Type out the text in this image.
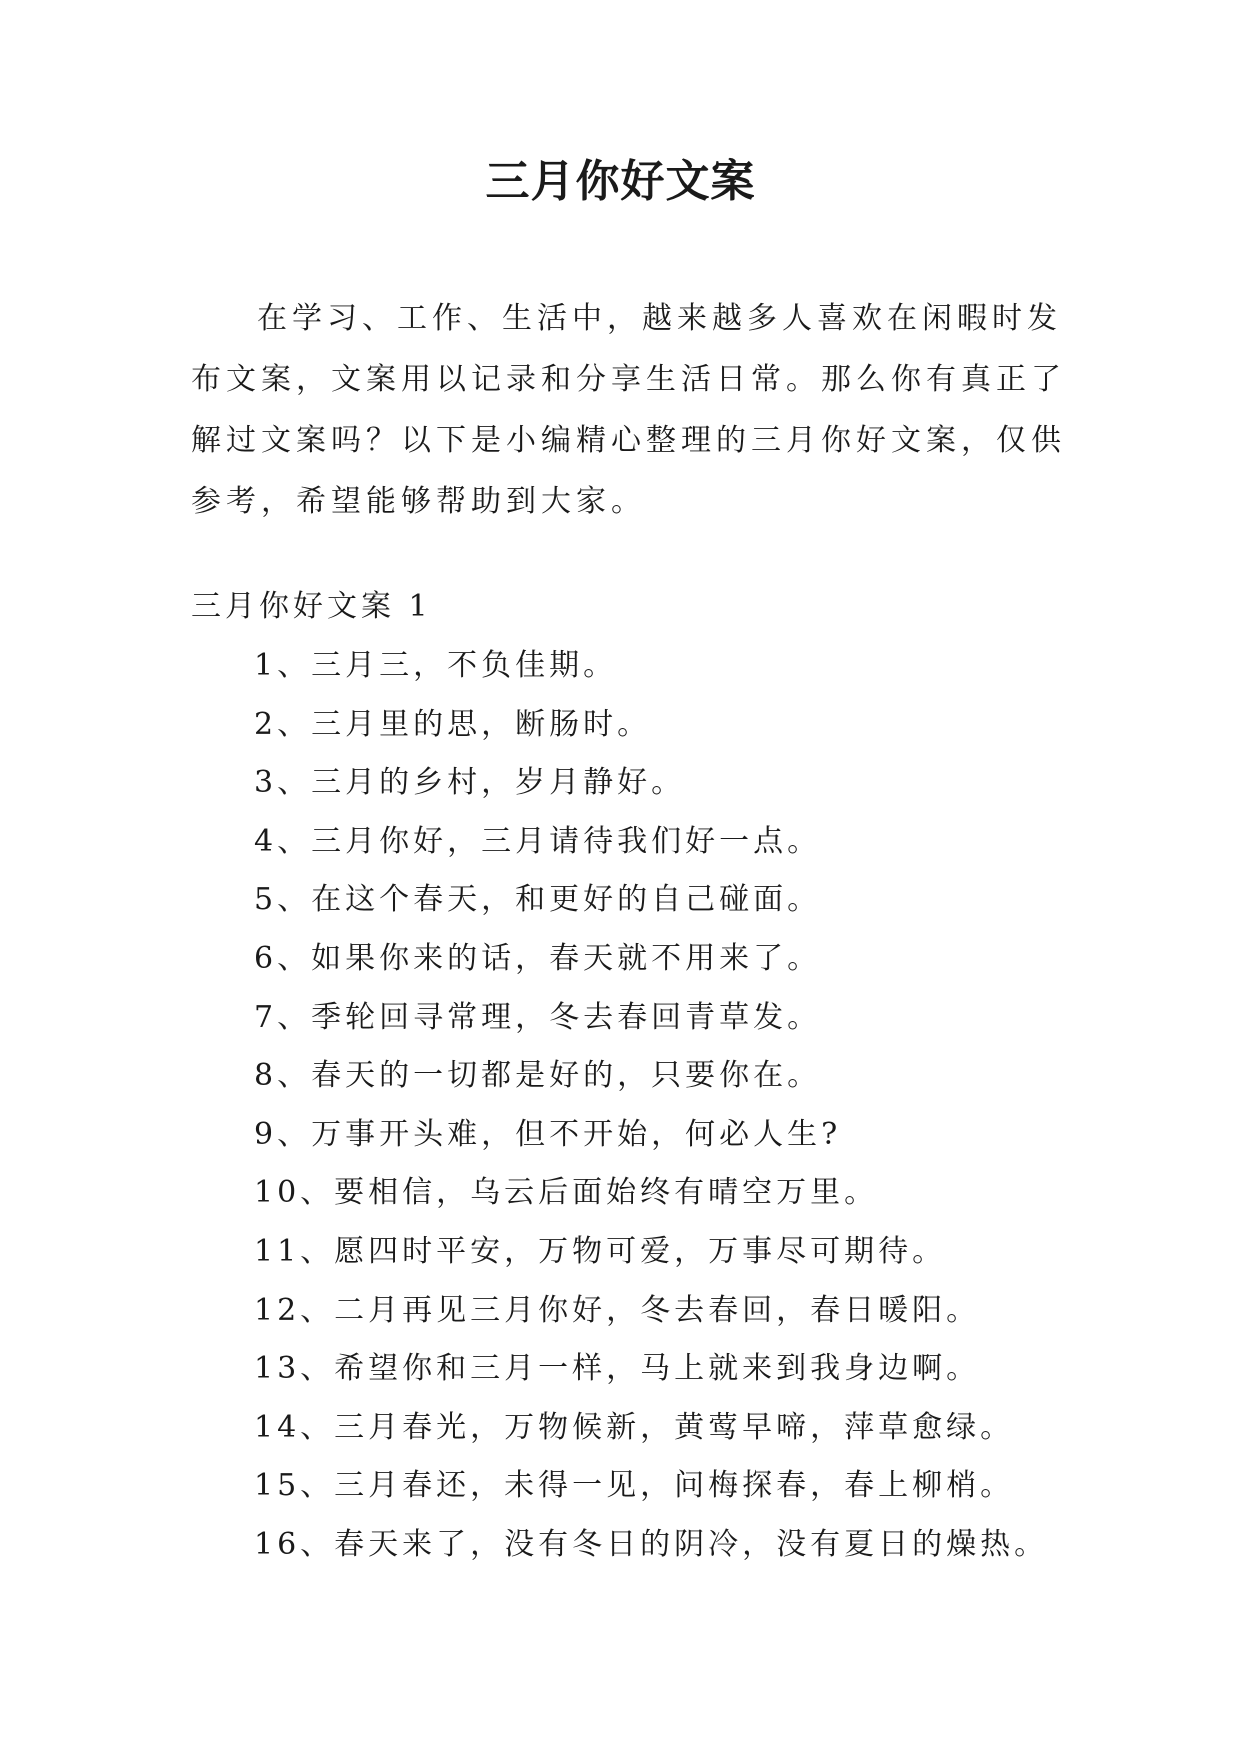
三月你好文案

在学习、工作、生活中，越来越多人喜欢在闲暇时发布文案，文案用以记录和分享生活日常。那么你有真正了解过文案吗？以下是小编精心整理的三月你好文案，仅供参考，希望能够帮助到大家。

三月你好文案 1

1、三月三，不负佳期。
2、三月里的思，断肠时。
3、三月的乡村，岁月静好。
4、三月你好，三月请待我们好一点。
5、在这个春天，和更好的自己碰面。
6、如果你来的话，春天就不用来了。
7、季轮回寻常理，冬去春回青草发。
8、春天的一切都是好的，只要你在。
9、万事开头难，但不开始，何必人生?
10、要相信，乌云后面始终有晴空万里。
11、愿四时平安，万物可爱，万事尽可期待。
12、二月再见三月你好，冬去春回，春日暖阳。
13、希望你和三月一样，马上就来到我身边啊。
14、三月春光，万物候新，黄莺早啼，萍草愈绿。
15、三月春还，未得一见，问梅探春，春上柳梢。
16、春天来了，没有冬日的阴冷，没有夏日的燥热。
